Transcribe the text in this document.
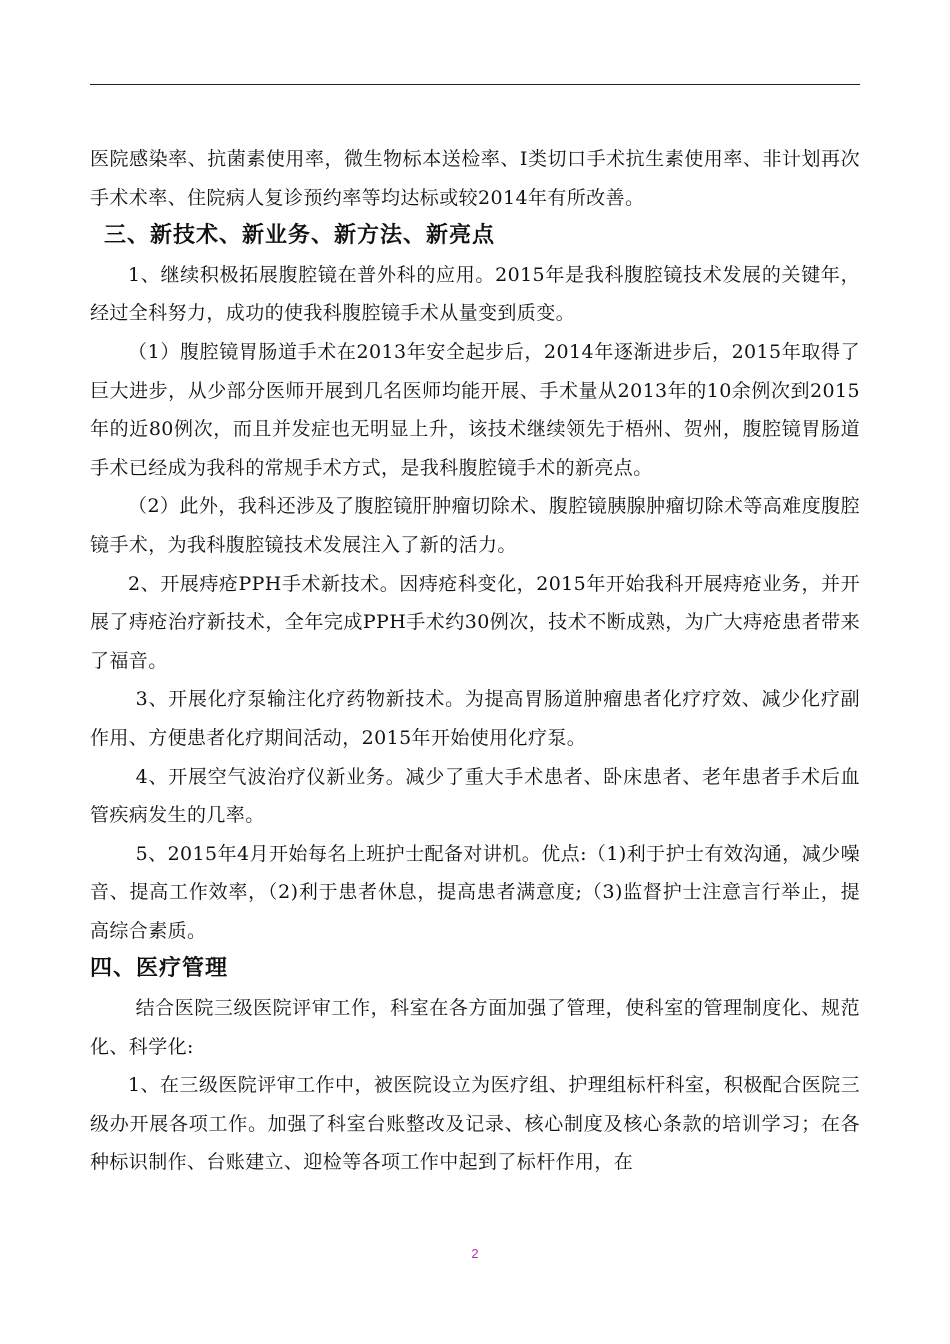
医院感染率、抗菌素使用率，微生物标本送检率、I类切口手术抗生素使用率、非计划再次手术术率、住院病人复诊预约率等均达标或较2014年有所改善。

三、新技术、新业务、新方法、新亮点

1、继续积极拓展腹腔镜在普外科的应用。2015年是我科腹腔镜技术发展的关键年，经过全科努力，成功的使我科腹腔镜手术从量变到质变。

（1）腹腔镜胃肠道手术在2013年安全起步后，2014年逐渐进步后，2015年取得了巨大进步，从少部分医师开展到几名医师均能开展、手术量从2013年的10余例次到2015年的近80例次，而且并发症也无明显上升，该技术继续领先于梧州、贺州，腹腔镜胃肠道手术已经成为我科的常规手术方式，是我科腹腔镜手术的新亮点。

（2）此外，我科还涉及了腹腔镜肝肿瘤切除术、腹腔镜胰腺肿瘤切除术等高难度腹腔镜手术，为我科腹腔镜技术发展注入了新的活力。

2、开展痔疮PPH手术新技术。因痔疮科变化，2015年开始我科开展痔疮业务，并开展了痔疮治疗新技术，全年完成PPH手术约30例次，技术不断成熟，为广大痔疮患者带来了福音。

3、开展化疗泵输注化疗药物新技术。为提高胃肠道肿瘤患者化疗疗效、减少化疗副作用、方便患者化疗期间活动，2015年开始使用化疗泵。

4、开展空气波治疗仪新业务。减少了重大手术患者、卧床患者、老年患者手术后血管疾病发生的几率。

5、2015年4月开始每名上班护士配备对讲机。优点:（1)利于护士有效沟通，减少噪音、提高工作效率，（2)利于患者休息，提高患者满意度;（3)监督护士注意言行举止，提高综合素质。

四、医疗管理

结合医院三级医院评审工作，科室在各方面加强了管理，使科室的管理制度化、规范化、科学化:

1、在三级医院评审工作中，被医院设立为医疗组、护理组标杆科室，积极配合医院三级办开展各项工作。加强了科室台账整改及记录、核心制度及核心条款的培训学习；在各种标识制作、台账建立、迎检等各项工作中起到了标杆作用，在

2
